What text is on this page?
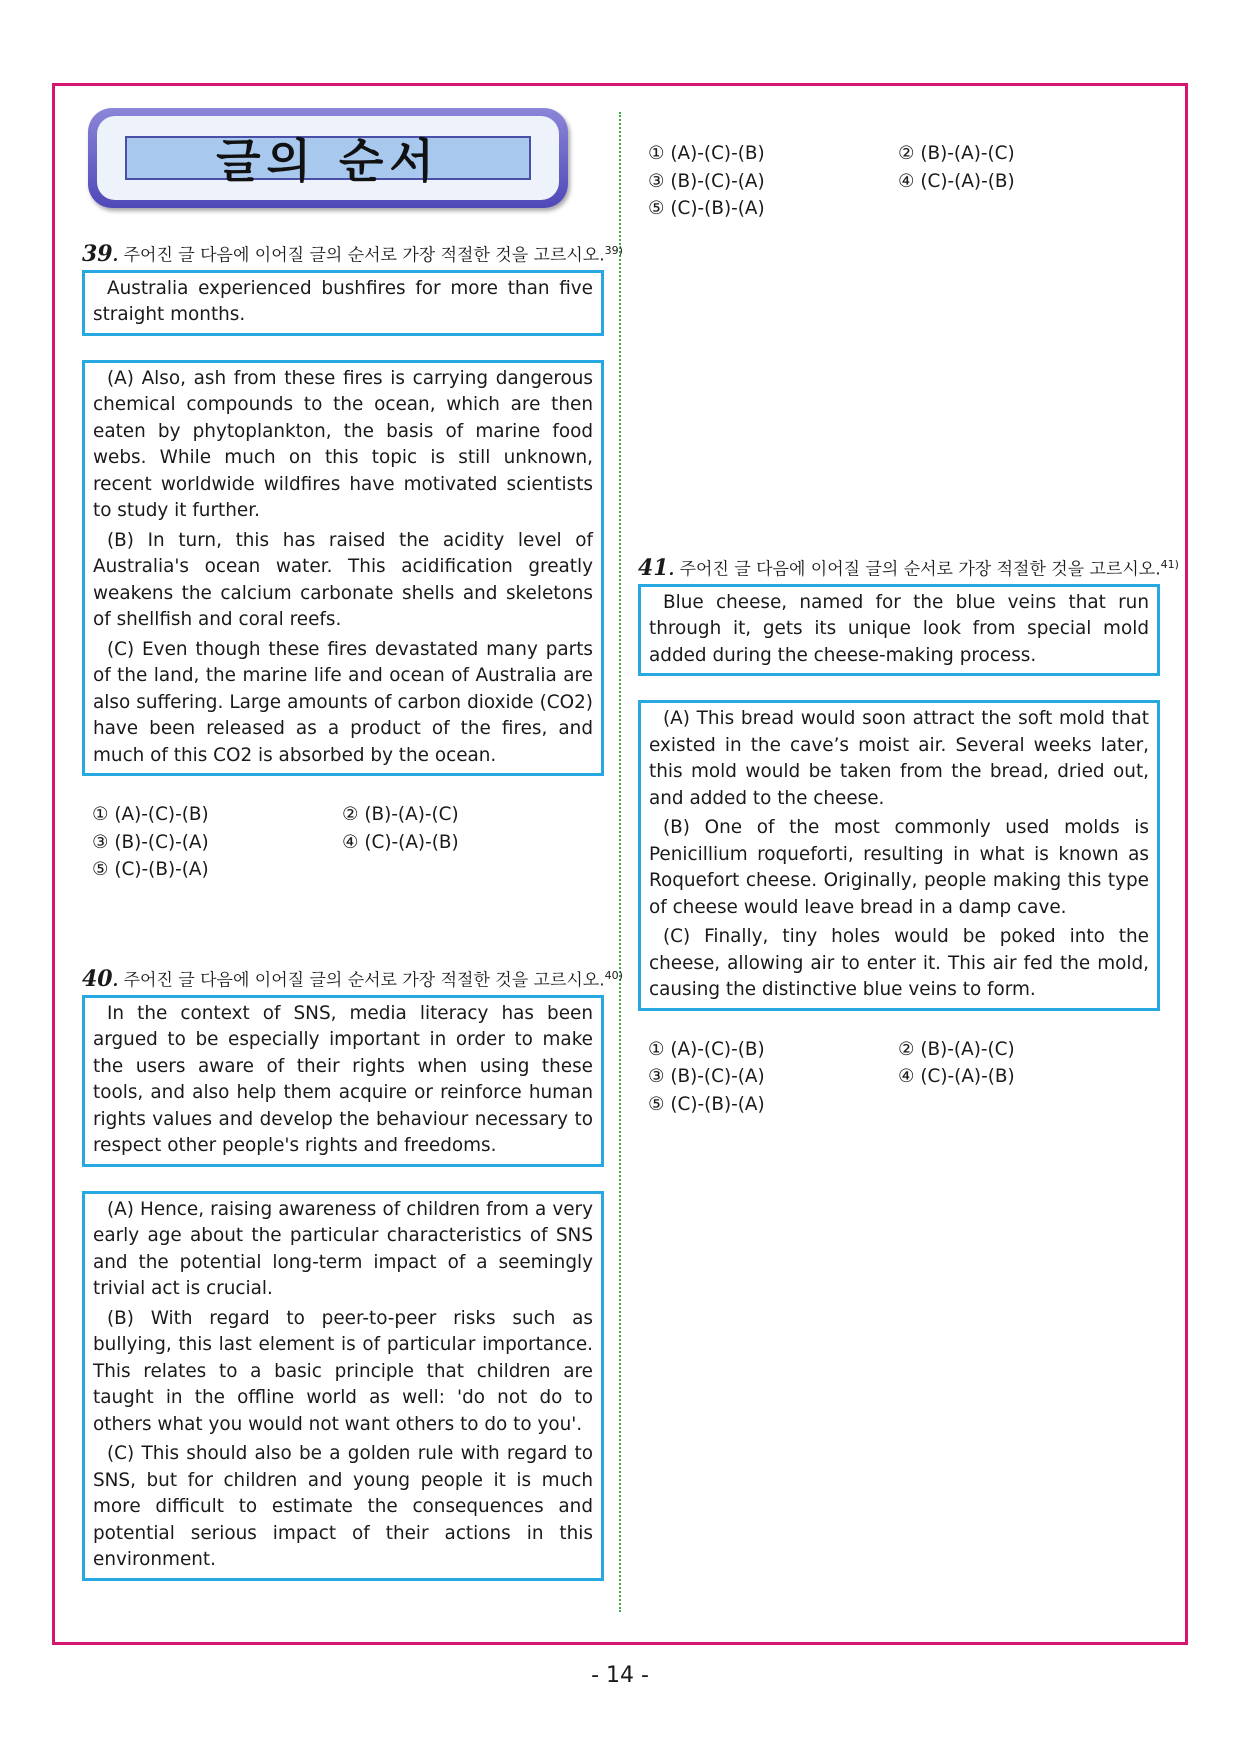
글의 순서
39. 주어진 글 다음에 이어질 글의 순서로 가장 적절한 것을 고르시오.$^{39)}$

Australia experienced bushfires for more than five straight months.

(A) Also, ash from these fires is carrying dangerous chemical compounds to the ocean, which are then eaten by phytoplankton, the basis of marine food webs. While much on this topic is still unknown, recent worldwide wildfires have motivated scientists to study it further.

(B) In turn, this has raised the acidity level of Australia's ocean water. This acidification greatly weakens the calcium carbonate shells and skeletons of shellfish and coral reefs.

(C) Even though these fires devastated many parts of the land, the marine life and ocean of Australia are also suffering. Large amounts of carbon dioxide (CO2) have been released as a product of the fires, and much of this CO2 is absorbed by the ocean.

① (A)-(C)-(B)	② (B)-(A)-(C)
③ (B)-(C)-(A)	④ (C)-(A)-(B)
⑤ (C)-(B)-(A)
40. 주어진 글 다음에 이어질 글의 순서로 가장 적절한 것을 고르시오.$^{40)}$

In the context of SNS, media literacy has been argued to be especially important in order to make the users aware of their rights when using these tools, and also help them acquire or reinforce human rights values and develop the behaviour necessary to respect other people's rights and freedoms.

(A) Hence, raising awareness of children from a very early age about the particular characteristics of SNS and the potential long-term impact of a seemingly trivial act is crucial.

(B) With regard to peer-to-peer risks such as bullying, this last element is of particular importance. This relates to a basic principle that children are taught in the offline world as well: 'do not do to others what you would not want others to do to you'.

(C) This should also be a golden rule with regard to SNS, but for children and young people it is much more difficult to estimate the consequences and potential serious impact of their actions in this environment.

① (A)-(C)-(B)	② (B)-(A)-(C)
③ (B)-(C)-(A)	④ (C)-(A)-(B)
⑤ (C)-(B)-(A)
41. 주어진 글 다음에 이어질 글의 순서로 가장 적절한 것을 고르시오.$^{41)}$

Blue cheese, named for the blue veins that run through it, gets its unique look from special mold added during the cheese-making process.

(A) This bread would soon attract the soft mold that existed in the cave’s moist air. Several weeks later, this mold would be taken from the bread, dried out, and added to the cheese.

(B) One of the most commonly used molds is Penicillium roqueforti, resulting in what is known as Roquefort cheese. Originally, people making this type of cheese would leave bread in a damp cave.

(C) Finally, tiny holes would be poked into the cheese, allowing air to enter it. This air fed the mold, causing the distinctive blue veins to form.

① (A)-(C)-(B)	② (B)-(A)-(C)
③ (B)-(C)-(A)	④ (C)-(A)-(B)
⑤ (C)-(B)-(A)
- 14 -
